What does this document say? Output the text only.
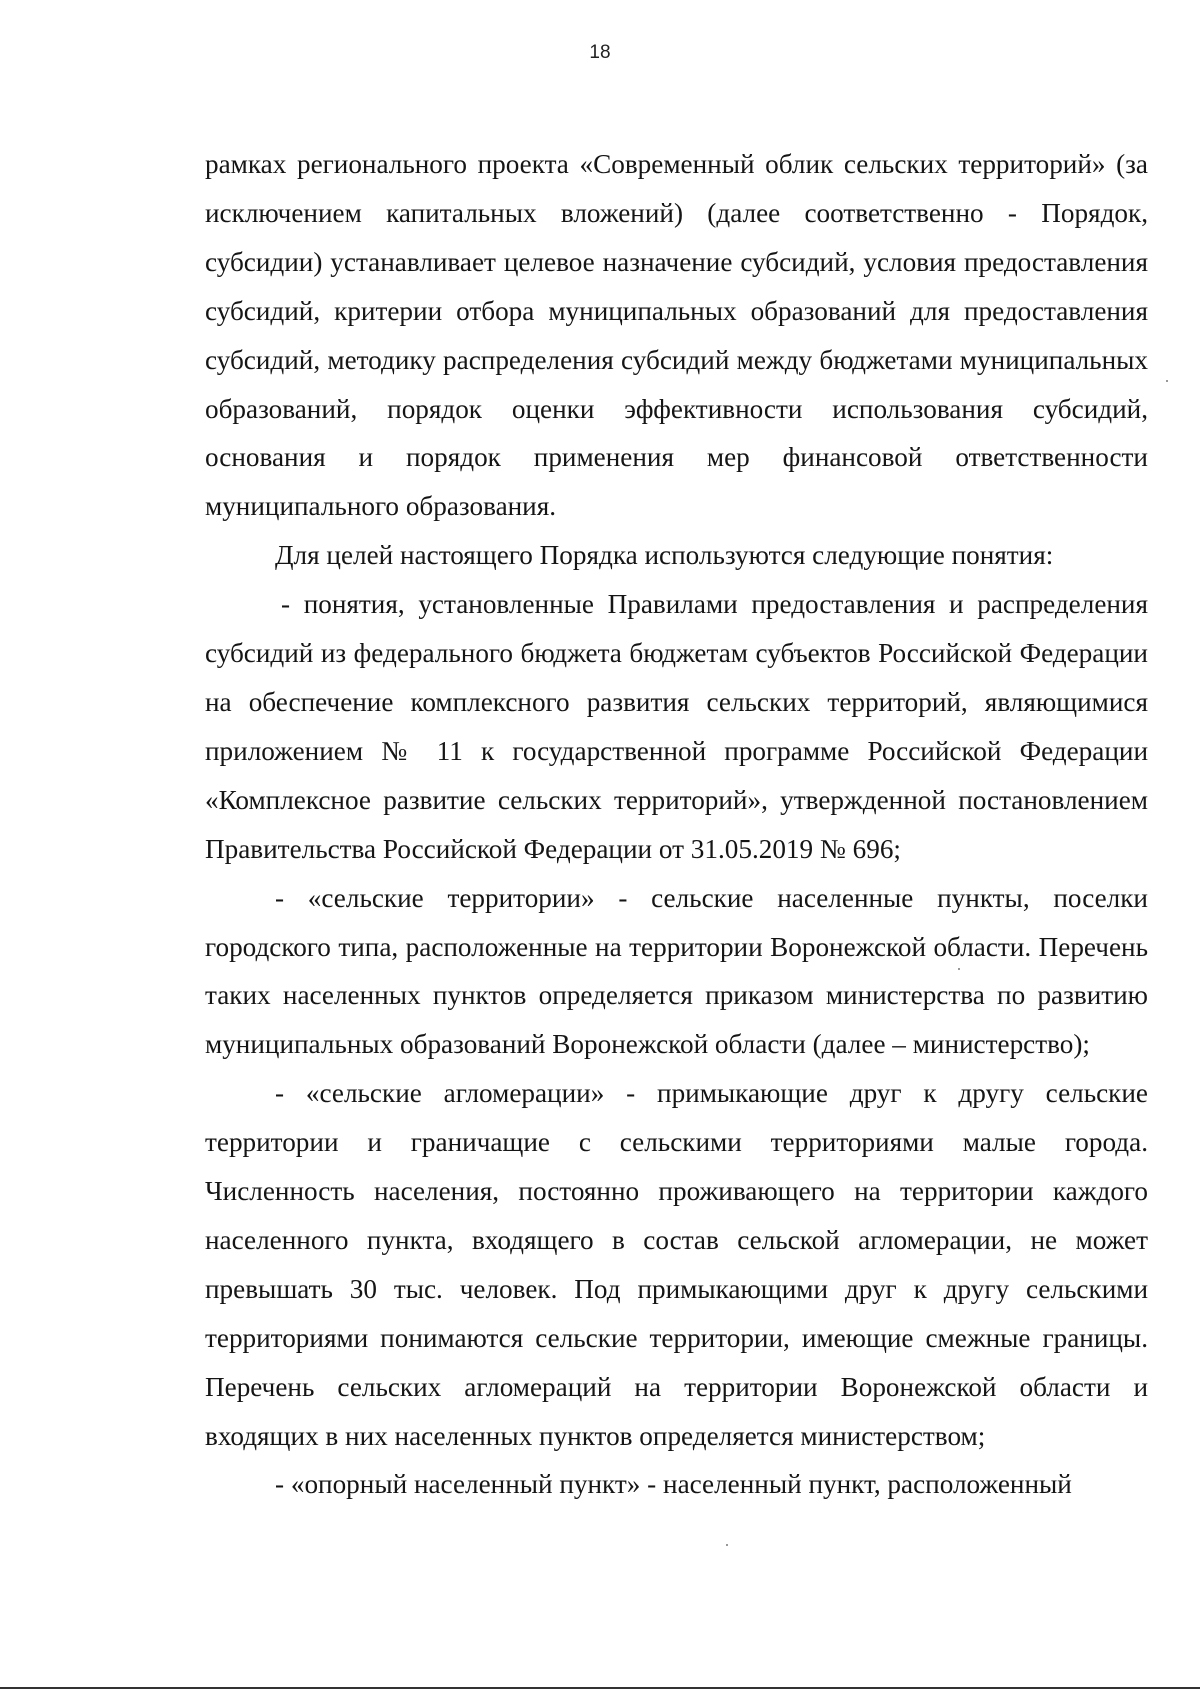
18

рамках регионального проекта «Современный облик сельских территорий» (за исключением капитальных вложений) (далее соответственно - Порядок, субсидии) устанавливает целевое назначение субсидий, условия предоставления субсидий, критерии отбора муниципальных образований для предоставления субсидий, методику распределения субсидий между бюджетами муниципальных образований, порядок оценки эффективности использования субсидий, основания и порядок применения мер финансовой ответственности муниципального образования.

Для целей настоящего Порядка используются следующие понятия:

- понятия, установленные Правилами предоставления и распределения субсидий из федерального бюджета бюджетам субъектов Российской Федерации на обеспечение комплексного развития сельских территорий, являющимися приложением № 11 к государственной программе Российской Федерации «Комплексное развитие сельских территорий», утвержденной постановлением Правительства Российской Федерации от 31.05.2019 № 696;

- «сельские территории» - сельские населенные пункты, поселки городского типа, расположенные на территории Воронежской области. Перечень таких населенных пунктов определяется приказом министерства по развитию муниципальных образований Воронежской области (далее – министерство);

- «сельские агломерации» - примыкающие друг к другу сельские территории и граничащие с сельскими территориями малые города. Численность населения, постоянно проживающего на территории каждого населенного пункта, входящего в состав сельской агломерации, не может превышать 30 тыс. человек. Под примыкающими друг к другу сельскими территориями понимаются сельские территории, имеющие смежные границы. Перечень сельских агломераций на территории Воронежской области и входящих в них населенных пунктов определяется министерством;

- «опорный населенный пункт» - населенный пункт, расположенный
